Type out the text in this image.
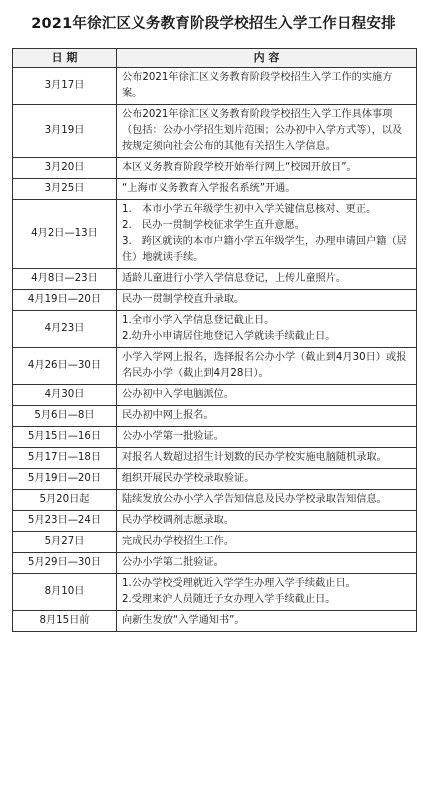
2021年徐汇区义务教育阶段学校招生入学工作日程安排
日 期	内 容
3月17日	公布2021年徐汇区义务教育阶段学校招生入学工作的实施方案。

3月19日	公布2021年徐汇区义务教育阶段学校招生入学工作具体事项（包括：公办小学招生划片范围；公办初中入学方式等），以及按规定须向社会公布的其他有关招生入学信息。

3月20日	本区义务教育阶段学校开始举行网上“校园开放日”。

3月25日	“上海市义务教育入学报名系统”开通。

4月2日—13日	1.　本市小学五年级学生初中入学关键信息核对、更正。
2.　民办一贯制学校征求学生直升意愿。
3.　跨区就读的本市户籍小学五年级学生，办理申请回户籍（居住）地就读手续。

4月8日—23日	适龄儿童进行小学入学信息登记，上传儿童照片。

4月19日—20日	民办一贯制学校直升录取。

4月23日	1.全市小学入学信息登记截止日。
2.幼升小申请居住地登记入学就读手续截止日。

4月26日—30日	小学入学网上报名，选择报名公办小学（截止到4月30日）或报名民办小学（截止到4月28日）。

4月30日	公办初中入学电脑派位。

5月6日—8日	民办初中网上报名。

5月15日—16日	公办小学第一批验证。

5月17日—18日	对报名人数超过招生计划数的民办学校实施电脑随机录取。

5月19日—20日	组织开展民办学校录取验证。

5月20日起	陆续发放公办小学入学告知信息及民办学校录取告知信息。

5月23日—24日	民办学校调剂志愿录取。

5月27日	完成民办学校招生工作。

5月29日—30日	公办小学第二批验证。

8月10日	1.公办学校受理就近入学学生办理入学手续截止日。
2.受理来沪人员随迁子女办理入学手续截止日。

8月15日前	向新生发放“入学通知书”。
